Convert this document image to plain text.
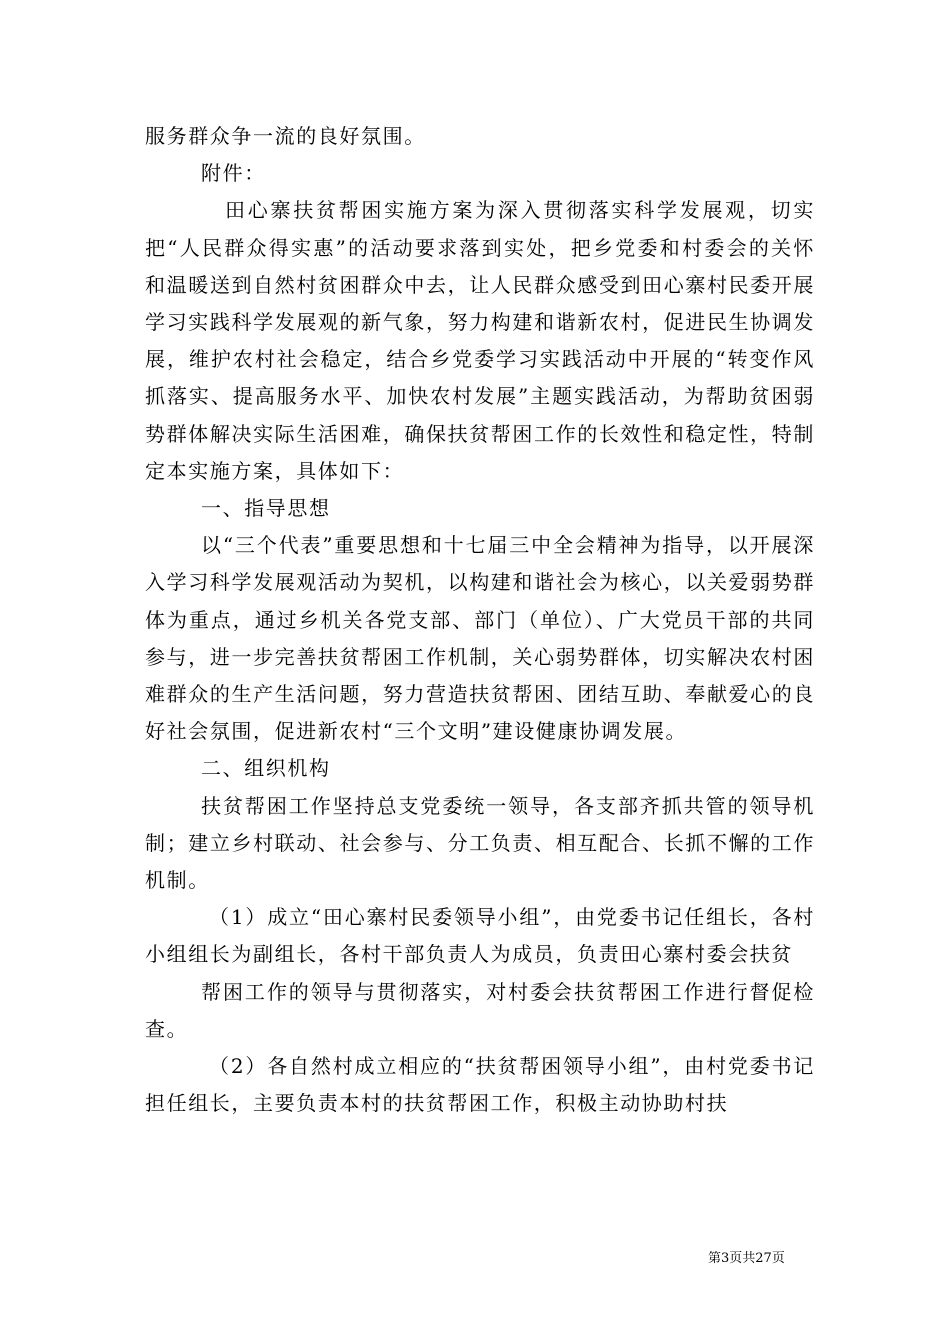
服务群众争一流的良好氛围。

附件：

田心寨扶贫帮困实施方案为深入贯彻落实科学发展观，切实把“人民群众得实惠”的活动要求落到实处，把乡党委和村委会的关怀和温暖送到自然村贫困群众中去，让人民群众感受到田心寨村民委开展学习实践科学发展观的新气象，努力构建和谐新农村，促进民生协调发展，维护农村社会稳定，结合乡党委学习实践活动中开展的“转变作风抓落实、提高服务水平、加快农村发展”主题实践活动，为帮助贫困弱势群体解决实际生活困难，确保扶贫帮困工作的长效性和稳定性，特制定本实施方案，具体如下：

一、指导思想

以“三个代表”重要思想和十七届三中全会精神为指导，以开展深入学习科学发展观活动为契机，以构建和谐社会为核心，以关爱弱势群体为重点，通过乡机关各党支部、部门（单位）、广大党员干部的共同参与，进一步完善扶贫帮困工作机制，关心弱势群体，切实解决农村困难群众的生产生活问题，努力营造扶贫帮困、团结互助、奉献爱心的良好社会氛围，促进新农村“三个文明”建设健康协调发展。

二、组织机构

扶贫帮困工作坚持总支党委统一领导，各支部齐抓共管的领导机制；建立乡村联动、社会参与、分工负责、相互配合、长抓不懈的工作机制。

（1）成立“田心寨村民委领导小组”，由党委书记任组长，各村小组组长为副组长，各村干部负责人为成员，负责田心寨村委会扶贫

帮困工作的领导与贯彻落实，对村委会扶贫帮困工作进行督促检查。

（2）各自然村成立相应的“扶贫帮困领导小组”，由村党委书记担任组长，主要负责本村的扶贫帮困工作，积极主动协助村扶

第3页共27页
